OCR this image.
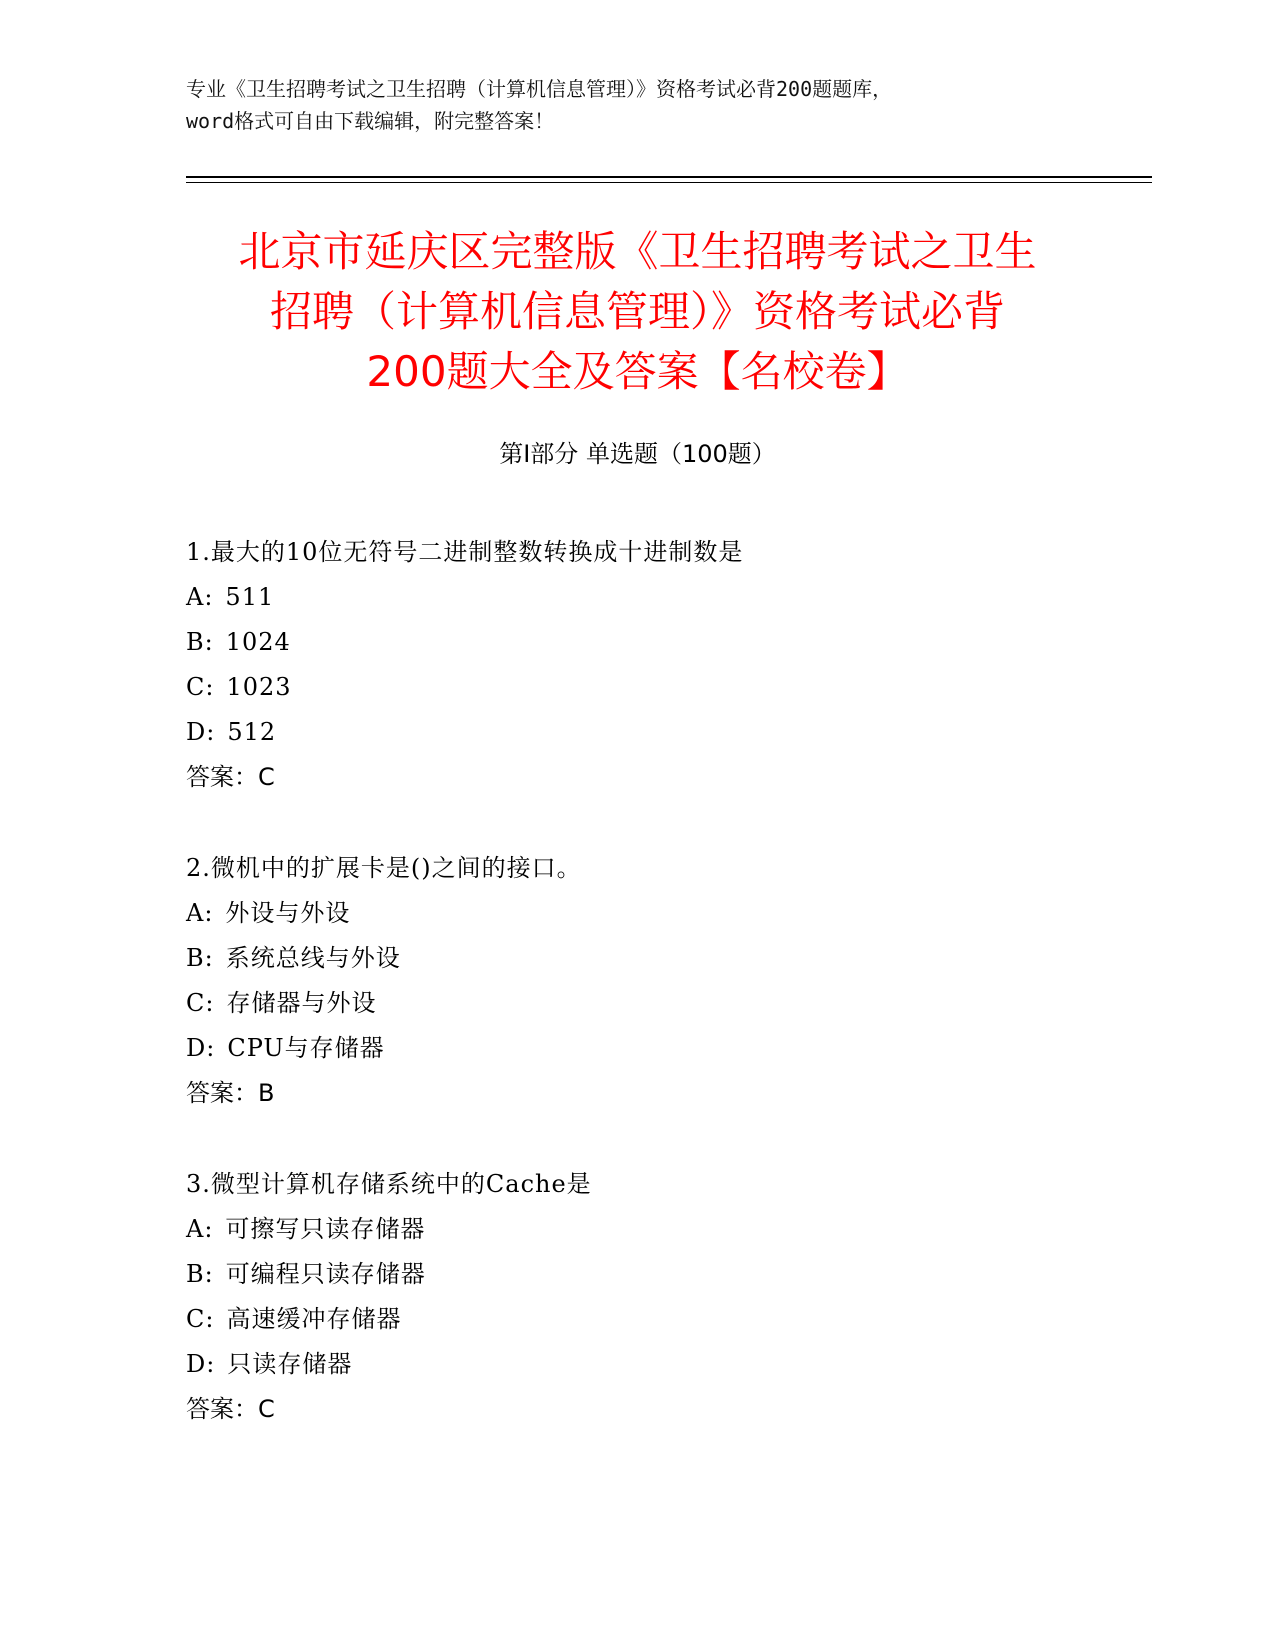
专业《卫生招聘考试之卫生招聘（计算机信息管理）》资格考试必背200题题库，

word格式可自由下载编辑，附完整答案！

北京市延庆区完整版《卫生招聘考试之卫生
招聘（计算机信息管理）》资格考试必背
200题大全及答案【名校卷】
第I部分 单选题（100题）

1.最大的10位无符号二进制整数转换成十进制数是

A: 511

B: 1024

C: 1023

D: 512

答案：C

2.微机中的扩展卡是()之间的接口。

A: 外设与外设

B: 系统总线与外设

C: 存储器与外设

D: CPU与存储器

答案：B

3.微型计算机存储系统中的Cache是

A: 可擦写只读存储器

B: 可编程只读存储器

C: 高速缓冲存储器

D: 只读存储器

答案：C
